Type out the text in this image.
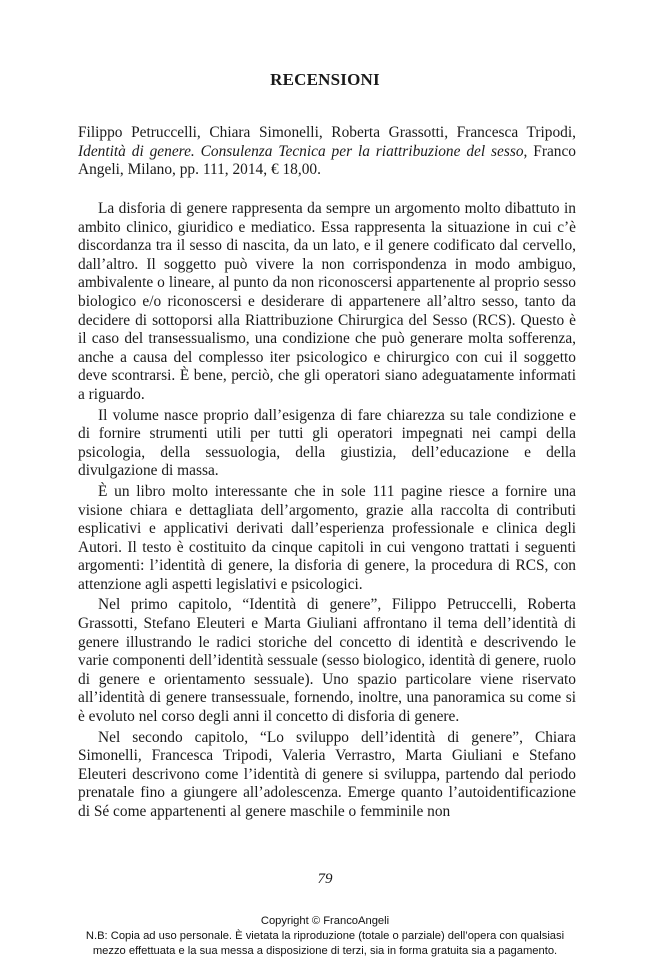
RECENSIONI
Filippo Petruccelli, Chiara Simonelli, Roberta Grassotti, Francesca Tripodi, Identità di genere. Consulenza Tecnica per la riattribuzione del sesso, Franco Angeli, Milano, pp. 111, 2014, € 18,00.

La disforia di genere rappresenta da sempre un argomento molto dibattuto in ambito clinico, giuridico e mediatico. Essa rappresenta la situazione in cui c’è discordanza tra il sesso di nascita, da un lato, e il genere codificato dal cervello, dall’altro. Il soggetto può vivere la non corrispondenza in modo ambiguo, ambivalente o lineare, al punto da non riconoscersi appartenente al proprio sesso biologico e/o riconoscersi e desiderare di appartenere all’altro sesso, tanto da decidere di sottoporsi alla Riattribuzione Chirurgica del Sesso (RCS). Questo è il caso del transessualismo, una condizione che può generare molta sofferenza, anche a causa del complesso iter psicologico e chirurgico con cui il soggetto deve scontrarsi. È bene, perciò, che gli operatori siano adeguatamente informati a riguardo.

Il volume nasce proprio dall’esigenza di fare chiarezza su tale condizione e di fornire strumenti utili per tutti gli operatori impegnati nei campi della psicologia, della sessuologia, della giustizia, dell’educazione e della divulgazione di massa.

È un libro molto interessante che in sole 111 pagine riesce a fornire una visione chiara e dettagliata dell’argomento, grazie alla raccolta di contributi esplicativi e applicativi derivati dall’esperienza professionale e clinica degli Autori. Il testo è costituito da cinque capitoli in cui vengono trattati i seguenti argomenti: l’identità di genere, la disforia di genere, la procedura di RCS, con attenzione agli aspetti legislativi e psicologici.

Nel primo capitolo, “Identità di genere”, Filippo Petruccelli, Roberta Grassotti, Stefano Eleuteri e Marta Giuliani affrontano il tema dell’identità di genere illustrando le radici storiche del concetto di identità e descrivendo le varie componenti dell’identità sessuale (sesso biologico, identità di genere, ruolo di genere e orientamento sessuale). Uno spazio particolare viene riservato all’identità di genere transessuale, fornendo, inoltre, una panoramica su come si è evoluto nel corso degli anni il concetto di disforia di genere.

Nel secondo capitolo, “Lo sviluppo dell’identità di genere”, Chiara Simonelli, Francesca Tripodi, Valeria Verrastro, Marta Giuliani e Stefano Eleuteri descrivono come l’identità di genere si sviluppa, partendo dal periodo prenatale fino a giungere all’adolescenza. Emerge quanto l’autoidentificazione di Sé come appartenenti al genere maschile o femminile non

79
Copyright © FrancoAngeli
N.B: Copia ad uso personale. È vietata la riproduzione (totale o parziale) dell’opera con qualsiasi
mezzo effettuata e la sua messa a disposizione di terzi, sia in forma gratuita sia a pagamento.
